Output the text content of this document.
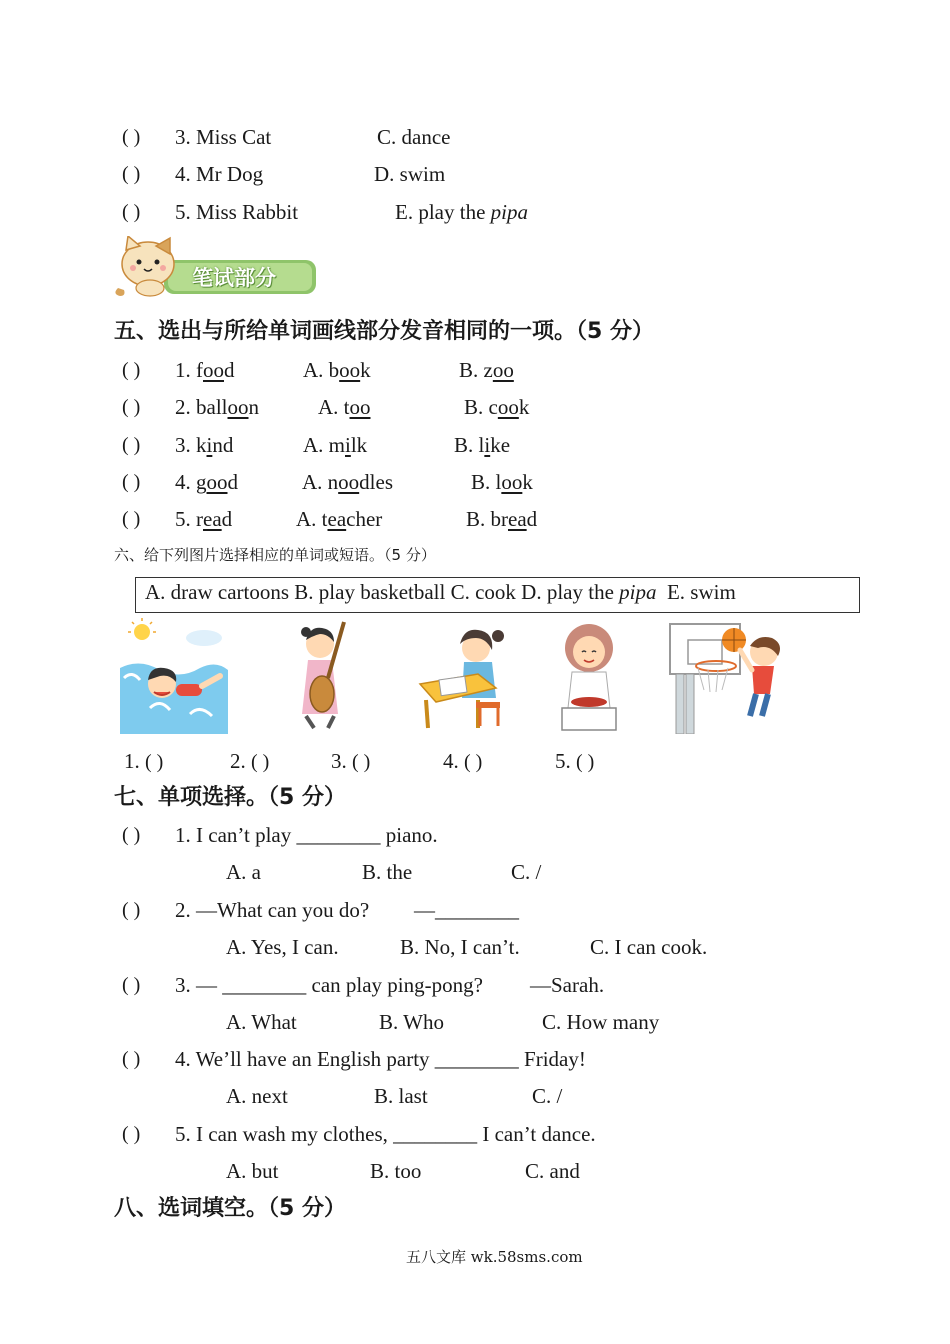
( ) 3. Miss Cat	C. dance
( ) 4. Mr Dog	D. swim
( ) 5. Miss Rabbit	E. play the pipa
笔试部分
五、选出与所给单词画线部分发音相同的一项。（5 分）
( ) 1. food	A. book	B. zoo
( ) 2. balloon	A. too	B. cook
( ) 3. kind	A. milk	B. like
( ) 4. good	A. noodles	B. look
( ) 5. read	A. teacher	B. bread
六、给下列图片选择相应的单词或短语。（5 分）
A. draw cartoons B. play basketball C. cook D. play the pipa E. swim
1. ( )	2. ( )	3. ( )	4. ( )	5. ( )
七、单项选择。（5 分）
( ) 1. I can’t play ________ piano.
A. a	B. the	C. /
( ) 2. —What can you do? —________
A. Yes, I can.	B. No, I can’t.	C. I can cook.
( ) 3. — ________ can play ping-pong? —Sarah.
A. What	B. Who	C. How many
( ) 4. We’ll have an English party ________ Friday!
A. next	B. last	C. /
( ) 5. I can wash my clothes, ________ I can’t dance.
A. but	B. too	C. and
八、选词填空。（5 分）
五八文库 wk.58sms.com
